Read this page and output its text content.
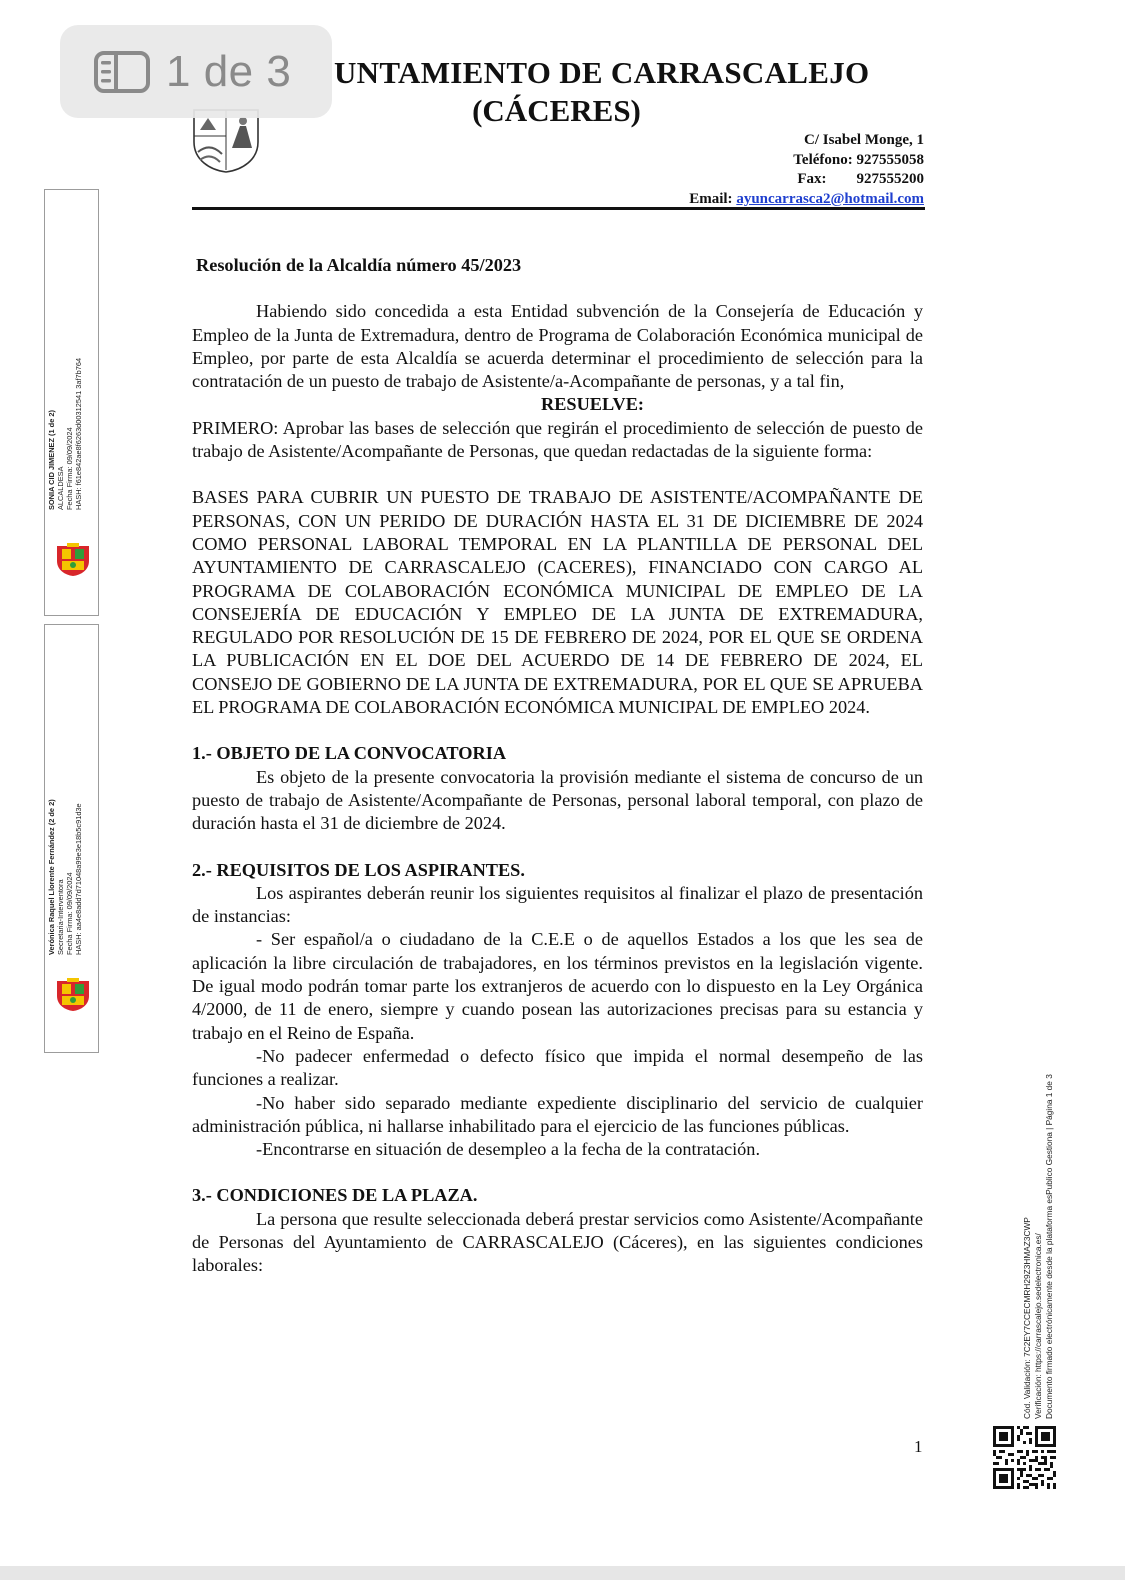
1 de 3 UNTAMIENTO DE CARRASCALEJO
(CÁCERES)
C/ Isabel Monge, 1
Teléfono: 927555058
Fax: 927555200
Email: ayuncarrasca2@hotmail.com
Resolución de la Alcaldía número 45/2023

Habiendo sido concedida a esta Entidad subvención de la Consejería de Educación y Empleo de la Junta de Extremadura, dentro de Programa de Colaboración Económica municipal de Empleo, por parte de esta Alcaldía se acuerda determinar el procedimiento de selección para la contratación de un puesto de trabajo de Asistente/a-Acompañante de personas, y a tal fin,

RESUELVE:

PRIMERO: Aprobar las bases de selección que regirán el procedimiento de selección de puesto de trabajo de Asistente/Acompañante de Personas, que quedan redactadas de la siguiente forma:

BASES PARA CUBRIR UN PUESTO DE TRABAJO DE ASISTENTE/ACOMPAÑANTE DE PERSONAS, CON UN PERIDO DE DURACIÓN HASTA EL 31 DE DICIEMBRE DE 2024 COMO PERSONAL LABORAL TEMPORAL EN LA PLANTILLA DE PERSONAL DEL AYUNTAMIENTO DE CARRASCALEJO (CACERES), FINANCIADO CON CARGO AL PROGRAMA DE COLABORACIÓN ECONÓMICA MUNICIPAL DE EMPLEO DE LA CONSEJERÍA DE EDUCACIÓN Y EMPLEO DE LA JUNTA DE EXTREMADURA, REGULADO POR RESOLUCIÓN DE 15 DE FEBRERO DE 2024, POR EL QUE SE ORDENA LA PUBLICACIÓN EN EL DOE DEL ACUERDO DE 14 DE FEBRERO DE 2024, EL CONSEJO DE GOBIERNO DE LA JUNTA DE EXTREMADURA, POR EL QUE SE APRUEBA EL PROGRAMA DE COLABORACIÓN ECONÓMICA MUNICIPAL DE EMPLEO 2024.

1.- OBJETO DE LA CONVOCATORIA

Es objeto de la presente convocatoria la provisión mediante el sistema de concurso de un puesto de trabajo de Asistente/Acompañante de Personas, personal laboral temporal, con plazo de duración hasta el 31 de diciembre de 2024.

2.- REQUISITOS DE LOS ASPIRANTES.

Los aspirantes deberán reunir los siguientes requisitos al finalizar el plazo de presentación de instancias:

- Ser español/a o ciudadano de la C.E.E o de aquellos Estados a los que les sea de aplicación la libre circulación de trabajadores, en los términos previstos en la legislación vigente. De igual modo podrán tomar parte los extranjeros de acuerdo con lo dispuesto en la Ley Orgánica 4/2000, de 11 de enero, siempre y cuando posean las autorizaciones precisas para su estancia y trabajo en el Reino de España.

-No padecer enfermedad o defecto físico que impida el normal desempeño de las funciones a realizar.

-No haber sido separado mediante expediente disciplinario del servicio de cualquier administración pública, ni hallarse inhabilitado para el ejercicio de las funciones públicas.

-Encontrarse en situación de desempleo a la fecha de la contratación.

3.- CONDICIONES DE LA PLAZA.

La persona que resulte seleccionada deberá prestar servicios como Asistente/Acompañante de Personas del Ayuntamiento de CARRASCALEJO (Cáceres), en las siguientes condiciones laborales:

SONIA CID JIMENEZ (1 de 2) ALCALDESA Fecha Firma: 09/09/2024 HASH: f61e842ae8f6263d00312541 3af7b764
Verónica Raquel Llorente Fernández (2 de 2) Secretaria-Interventora Fecha Firma: 09/09/2024 HASH: aa4e8add7d71048a99e3e18b5c91d3e
Cód. Validación: 7C2EY7CCECMRH29Z3HMAZ3CWP Verificación: https://carrascalejo.sedelectronica.es/ Documento firmado electrónicamente desde la plataforma esPublico Gestiona | Página 1 de 3
1
